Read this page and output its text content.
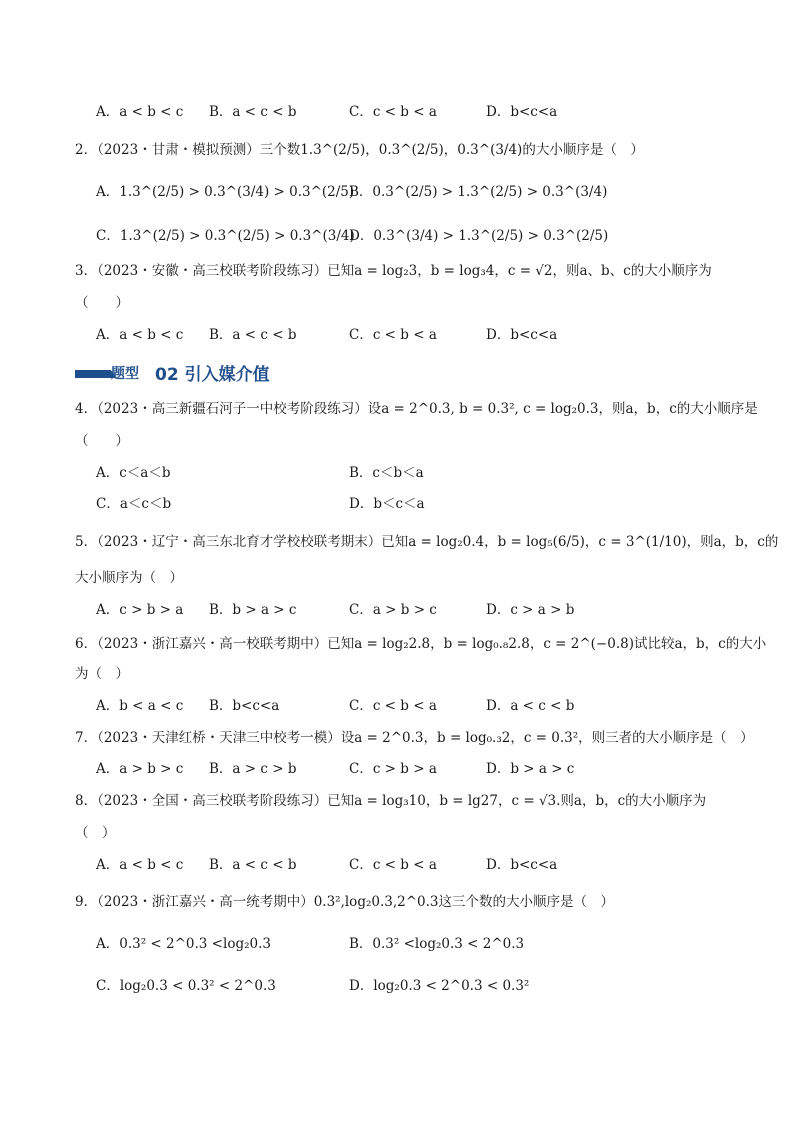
A．a < b < c B．a < c < b	C．c < b < a	D．b<c<a
2．（2023・甘肃・模拟预测）三个数1.3^(2/5)，0.3^(2/5)，0.3^(3/4)的大小顺序是（　）
A．1.3^(2/5) > 0.3^(3/4) > 0.3^(2/5)
B．0.3^(2/5) > 1.3^(2/5) > 0.3^(3/4)
C．1.3^(2/5) > 0.3^(2/5) > 0.3^(3/4)
D．0.3^(3/4) > 1.3^(2/5) > 0.3^(2/5)
3．（2023・安徽・高三校联考阶段练习）已知a = log₂3，b = log₃4，c = √2，则a、b、c的大小顺序为
（　　）
A．a < b < c B．a < c < b	C．c < b < a	D．b<c<a
题型 02 引入媒介值
4．（2023・高三新疆石河子一中校考阶段练习）设a = 2^0.3, b = 0.3², c = log₂0.3，则a，b，c的大小顺序是
（　　）
A．c＜a＜b	B．c＜b＜a
C．a＜c＜b	D．b＜c＜a
5．（2023・辽宁・高三东北育才学校校联考期末）已知a = log₂0.4，b = log₅(6/5)，c = 3^(1/10)，则a，b，c的
大小顺序为（　）
A．c > b > a B．b > a > c	C．a > b > c	D．c > a > b
6．（2023・浙江嘉兴・高一校联考期中）已知a = log₂2.8，b = log₀.₈2.8，c = 2^(−0.8)试比较a，b，c的大小
为（　）
A．b < a < c B．b<c<a	C．c < b < a	D．a < c < b
7．（2023・天津红桥・天津三中校考一模）设a = 2^0.3，b = log₀.₃2，c = 0.3²，则三者的大小顺序是（　）
A．a > b > c B．a > c > b	C．c > b > a	D．b > a > c
8．（2023・全国・高三校联考阶段练习）已知a = log₃10，b = lg27，c = √3.则a，b，c的大小顺序为
（　）
A．a < b < c B．a < c < b	C．c < b < a	D．b<c<a
9．（2023・浙江嘉兴・高一统考期中）0.3²,log₂0.3,2^0.3这三个数的大小顺序是（　）
A．0.3² < 2^0.3 <log₂0.3	B．0.3² <log₂0.3 < 2^0.3
C．log₂0.3 < 0.3² < 2^0.3	D．log₂0.3 < 2^0.3 < 0.3²
